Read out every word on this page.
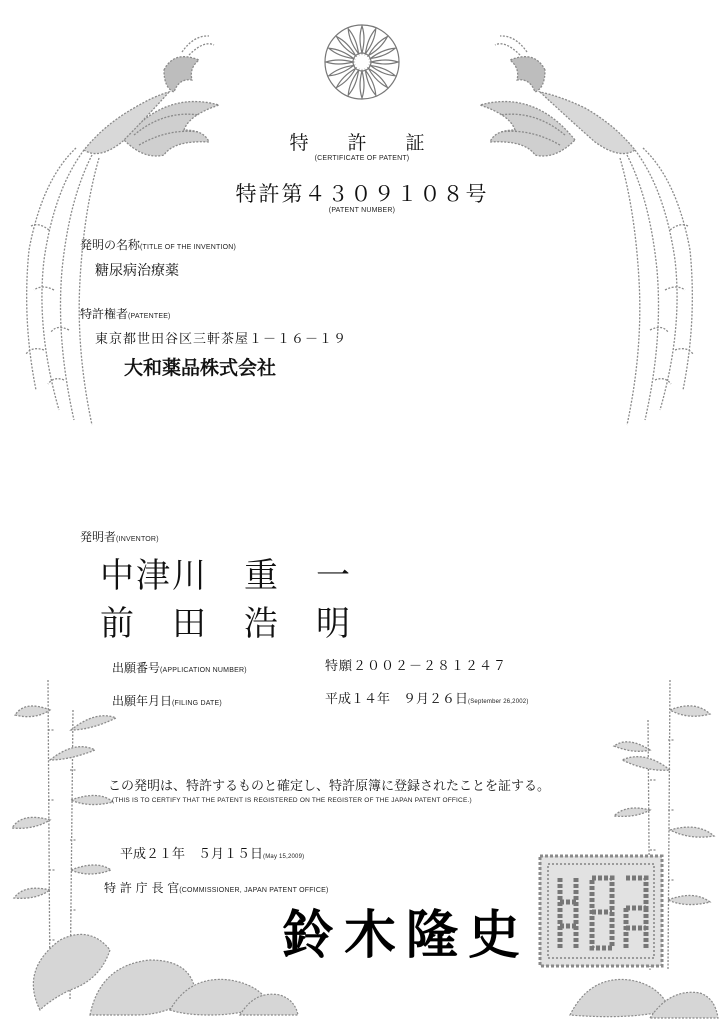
特　許　証
(CERTIFICATE OF PATENT)
特許第４３０９１０８号
(PATENT NUMBER)
発明の名称(TITLE OF THE INVENTION)
糖尿病治療薬
特許権者(PATENTEE)
東京都世田谷区三軒茶屋１－１６－１９
大和薬品株式会社
発明者(INVENTOR)
中津川　重　一
前　田　浩　明
出願番号(APPLICATION NUMBER)	特願２００２－２８１２４７
出願年月日(FILING DATE)	平成１４年　９月２６日(September 26,2002)
この発明は、特許するものと確定し、特許原簿に登録されたことを証する。
(THIS IS TO CERTIFY THAT THE PATENT IS REGISTERED ON THE REGISTER OF THE JAPAN PATENT OFFICE.)
平成２１年　５月１５日(May 15,2009)
特 許 庁 長 官(COMMISSIONER, JAPAN PATENT OFFICE)
鈴木隆史
